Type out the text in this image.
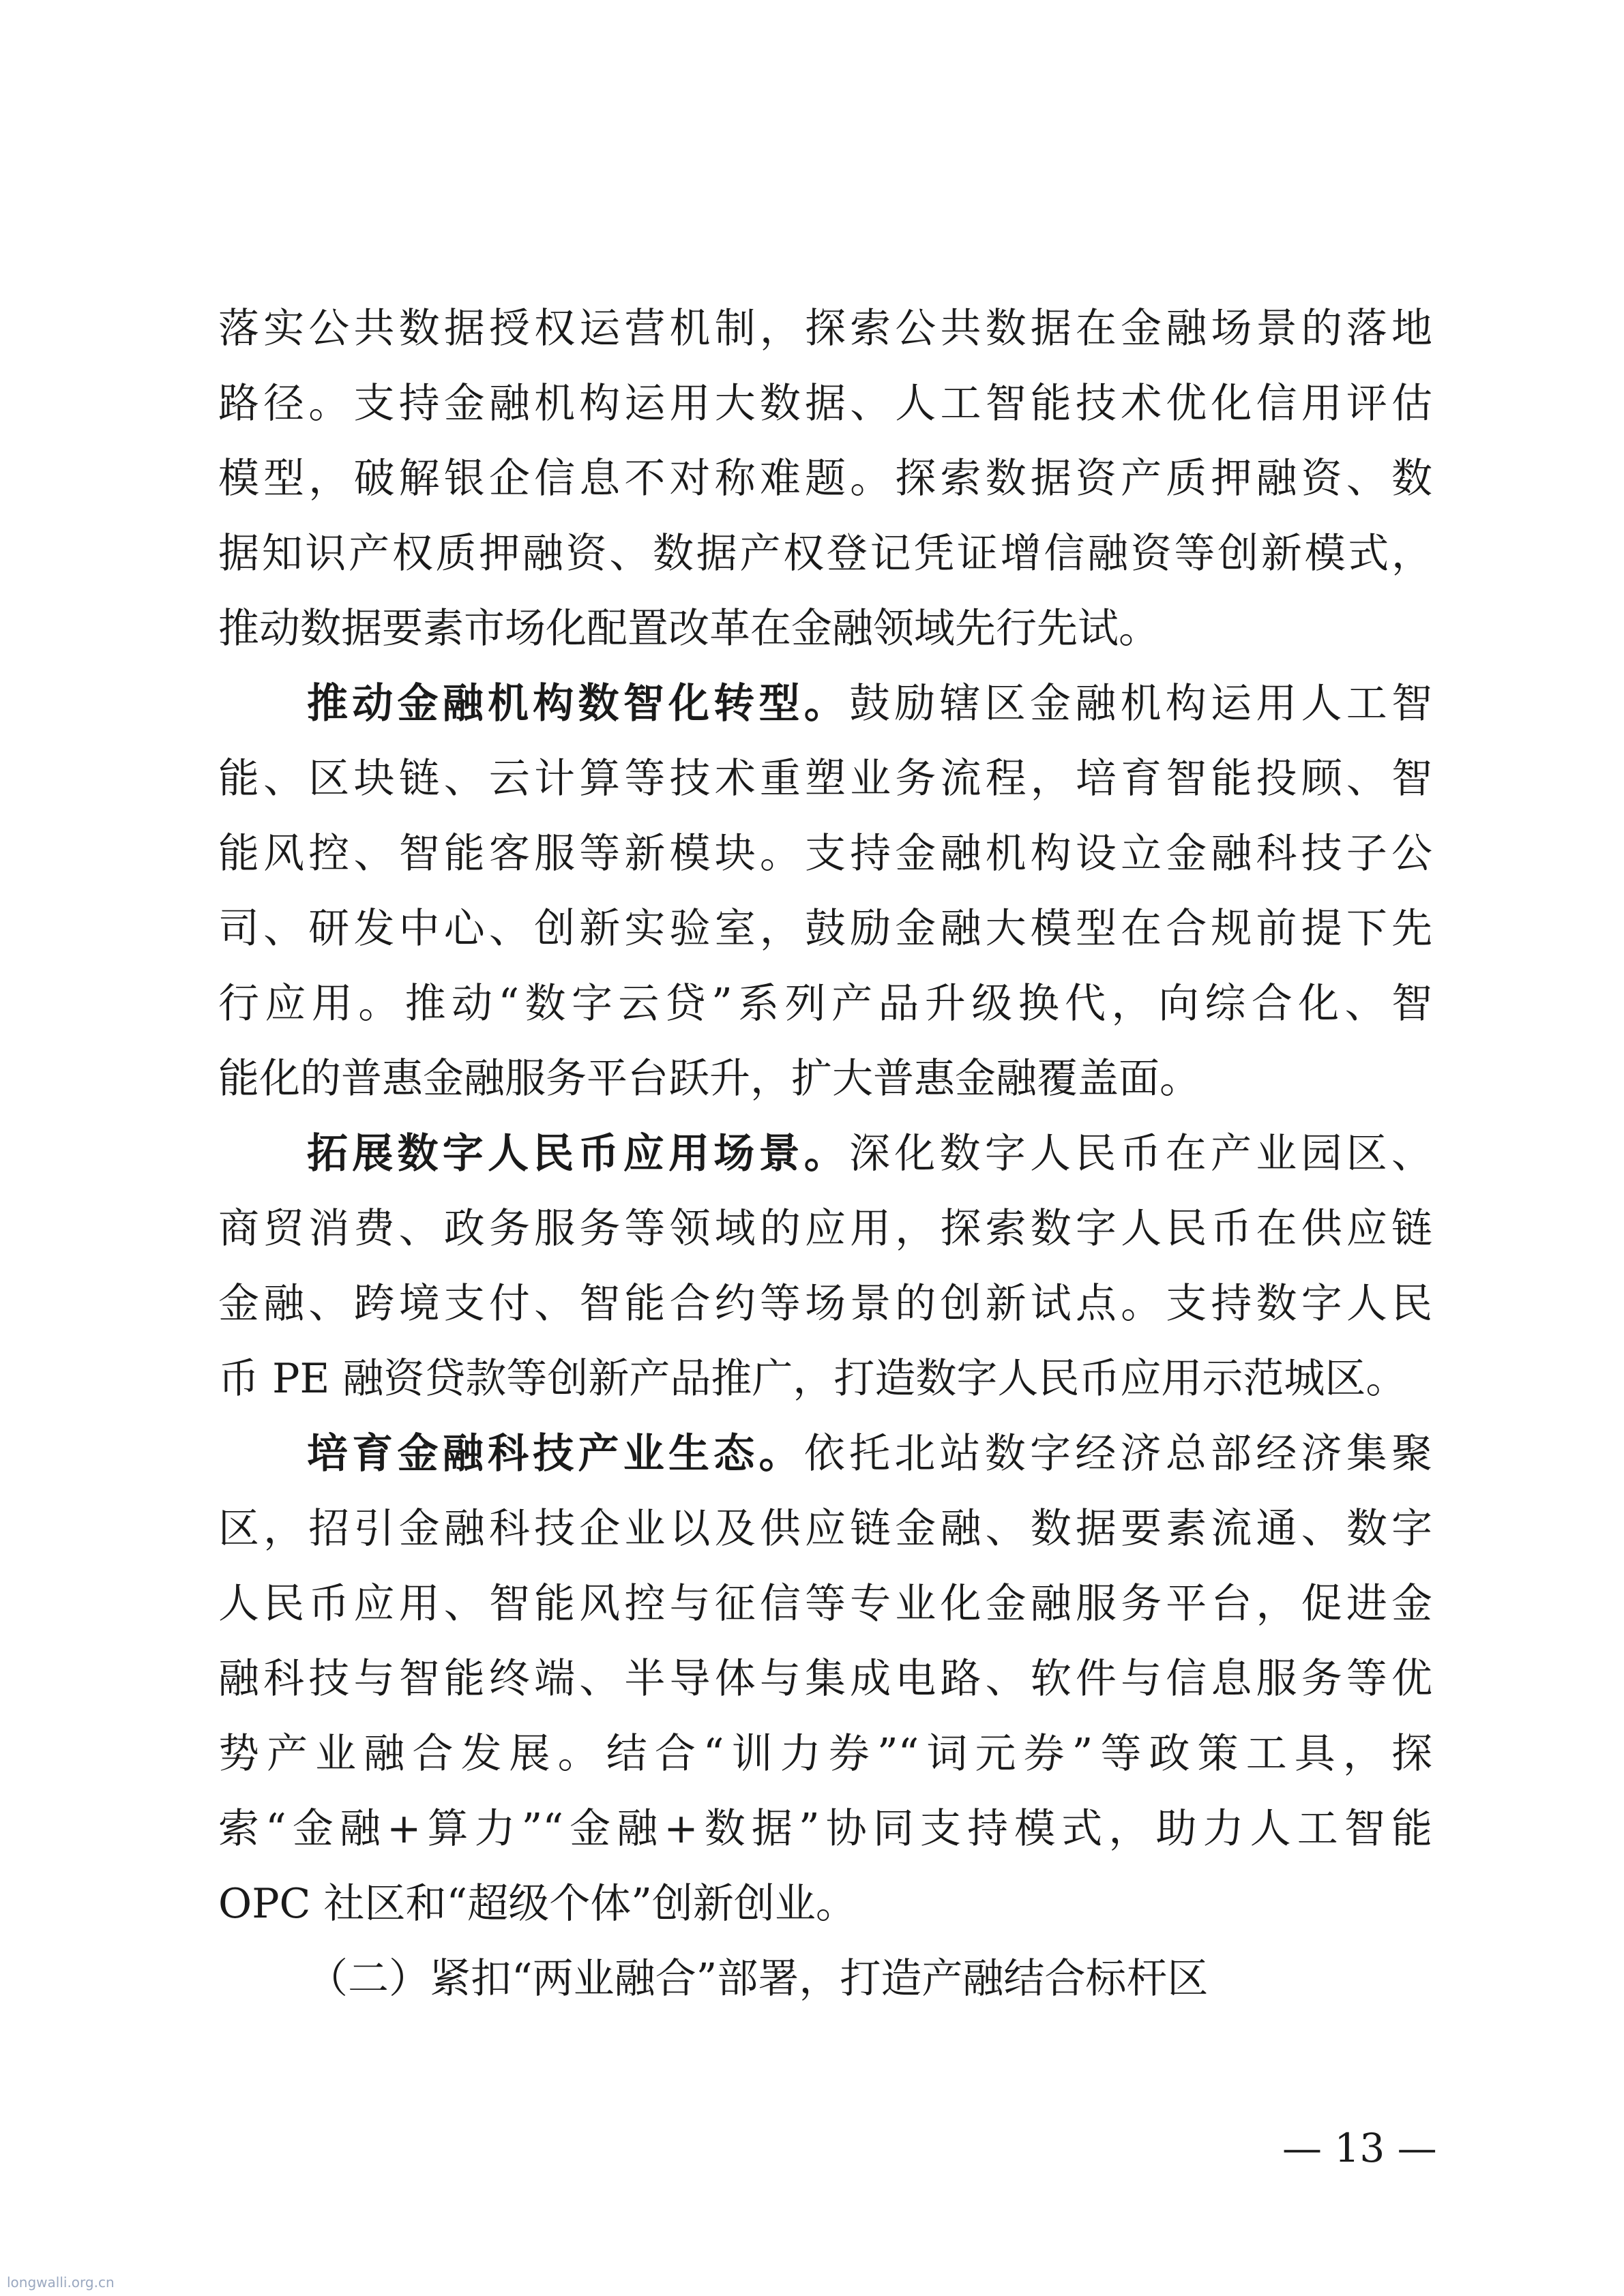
落实公共数据授权运营机制，探索公共数据在金融场景的落地
路径。支持金融机构运用大数据、人工智能技术优化信用评估
模型，破解银企信息不对称难题。探索数据资产质押融资、数
据知识产权质押融资、数据产权登记凭证增信融资等创新模式，
推动数据要素市场化配置改革在金融领域先行先试。
推动金融机构数智化转型。鼓励辖区金融机构运用人工智
能、区块链、云计算等技术重塑业务流程，培育智能投顾、智
能风控、智能客服等新模块。支持金融机构设立金融科技子公
司、研发中心、创新实验室，鼓励金融大模型在合规前提下先
行应用。推动“数字云贷”系列产品升级换代，向综合化、智
能化的普惠金融服务平台跃升，扩大普惠金融覆盖面。
拓展数字人民币应用场景。深化数字人民币在产业园区、
商贸消费、政务服务等领域的应用，探索数字人民币在供应链
金融、跨境支付、智能合约等场景的创新试点。支持数字人民
币 PE 融资贷款等创新产品推广，打造数字人民币应用示范城区。
培育金融科技产业生态。依托北站数字经济总部经济集聚
区，招引金融科技企业以及供应链金融、数据要素流通、数字
人民币应用、智能风控与征信等专业化金融服务平台，促进金
融科技与智能终端、半导体与集成电路、软件与信息服务等优
势产业融合发展。结合“训力券”“词元券”等政策工具，探
索“金融+算力”“金融+数据”协同支持模式，助力人工智能
OPC 社区和“超级个体”创新创业。
（二）紧扣“两业融合”部署，打造产融结合标杆区
— 13 —
longwalli.org.cn
